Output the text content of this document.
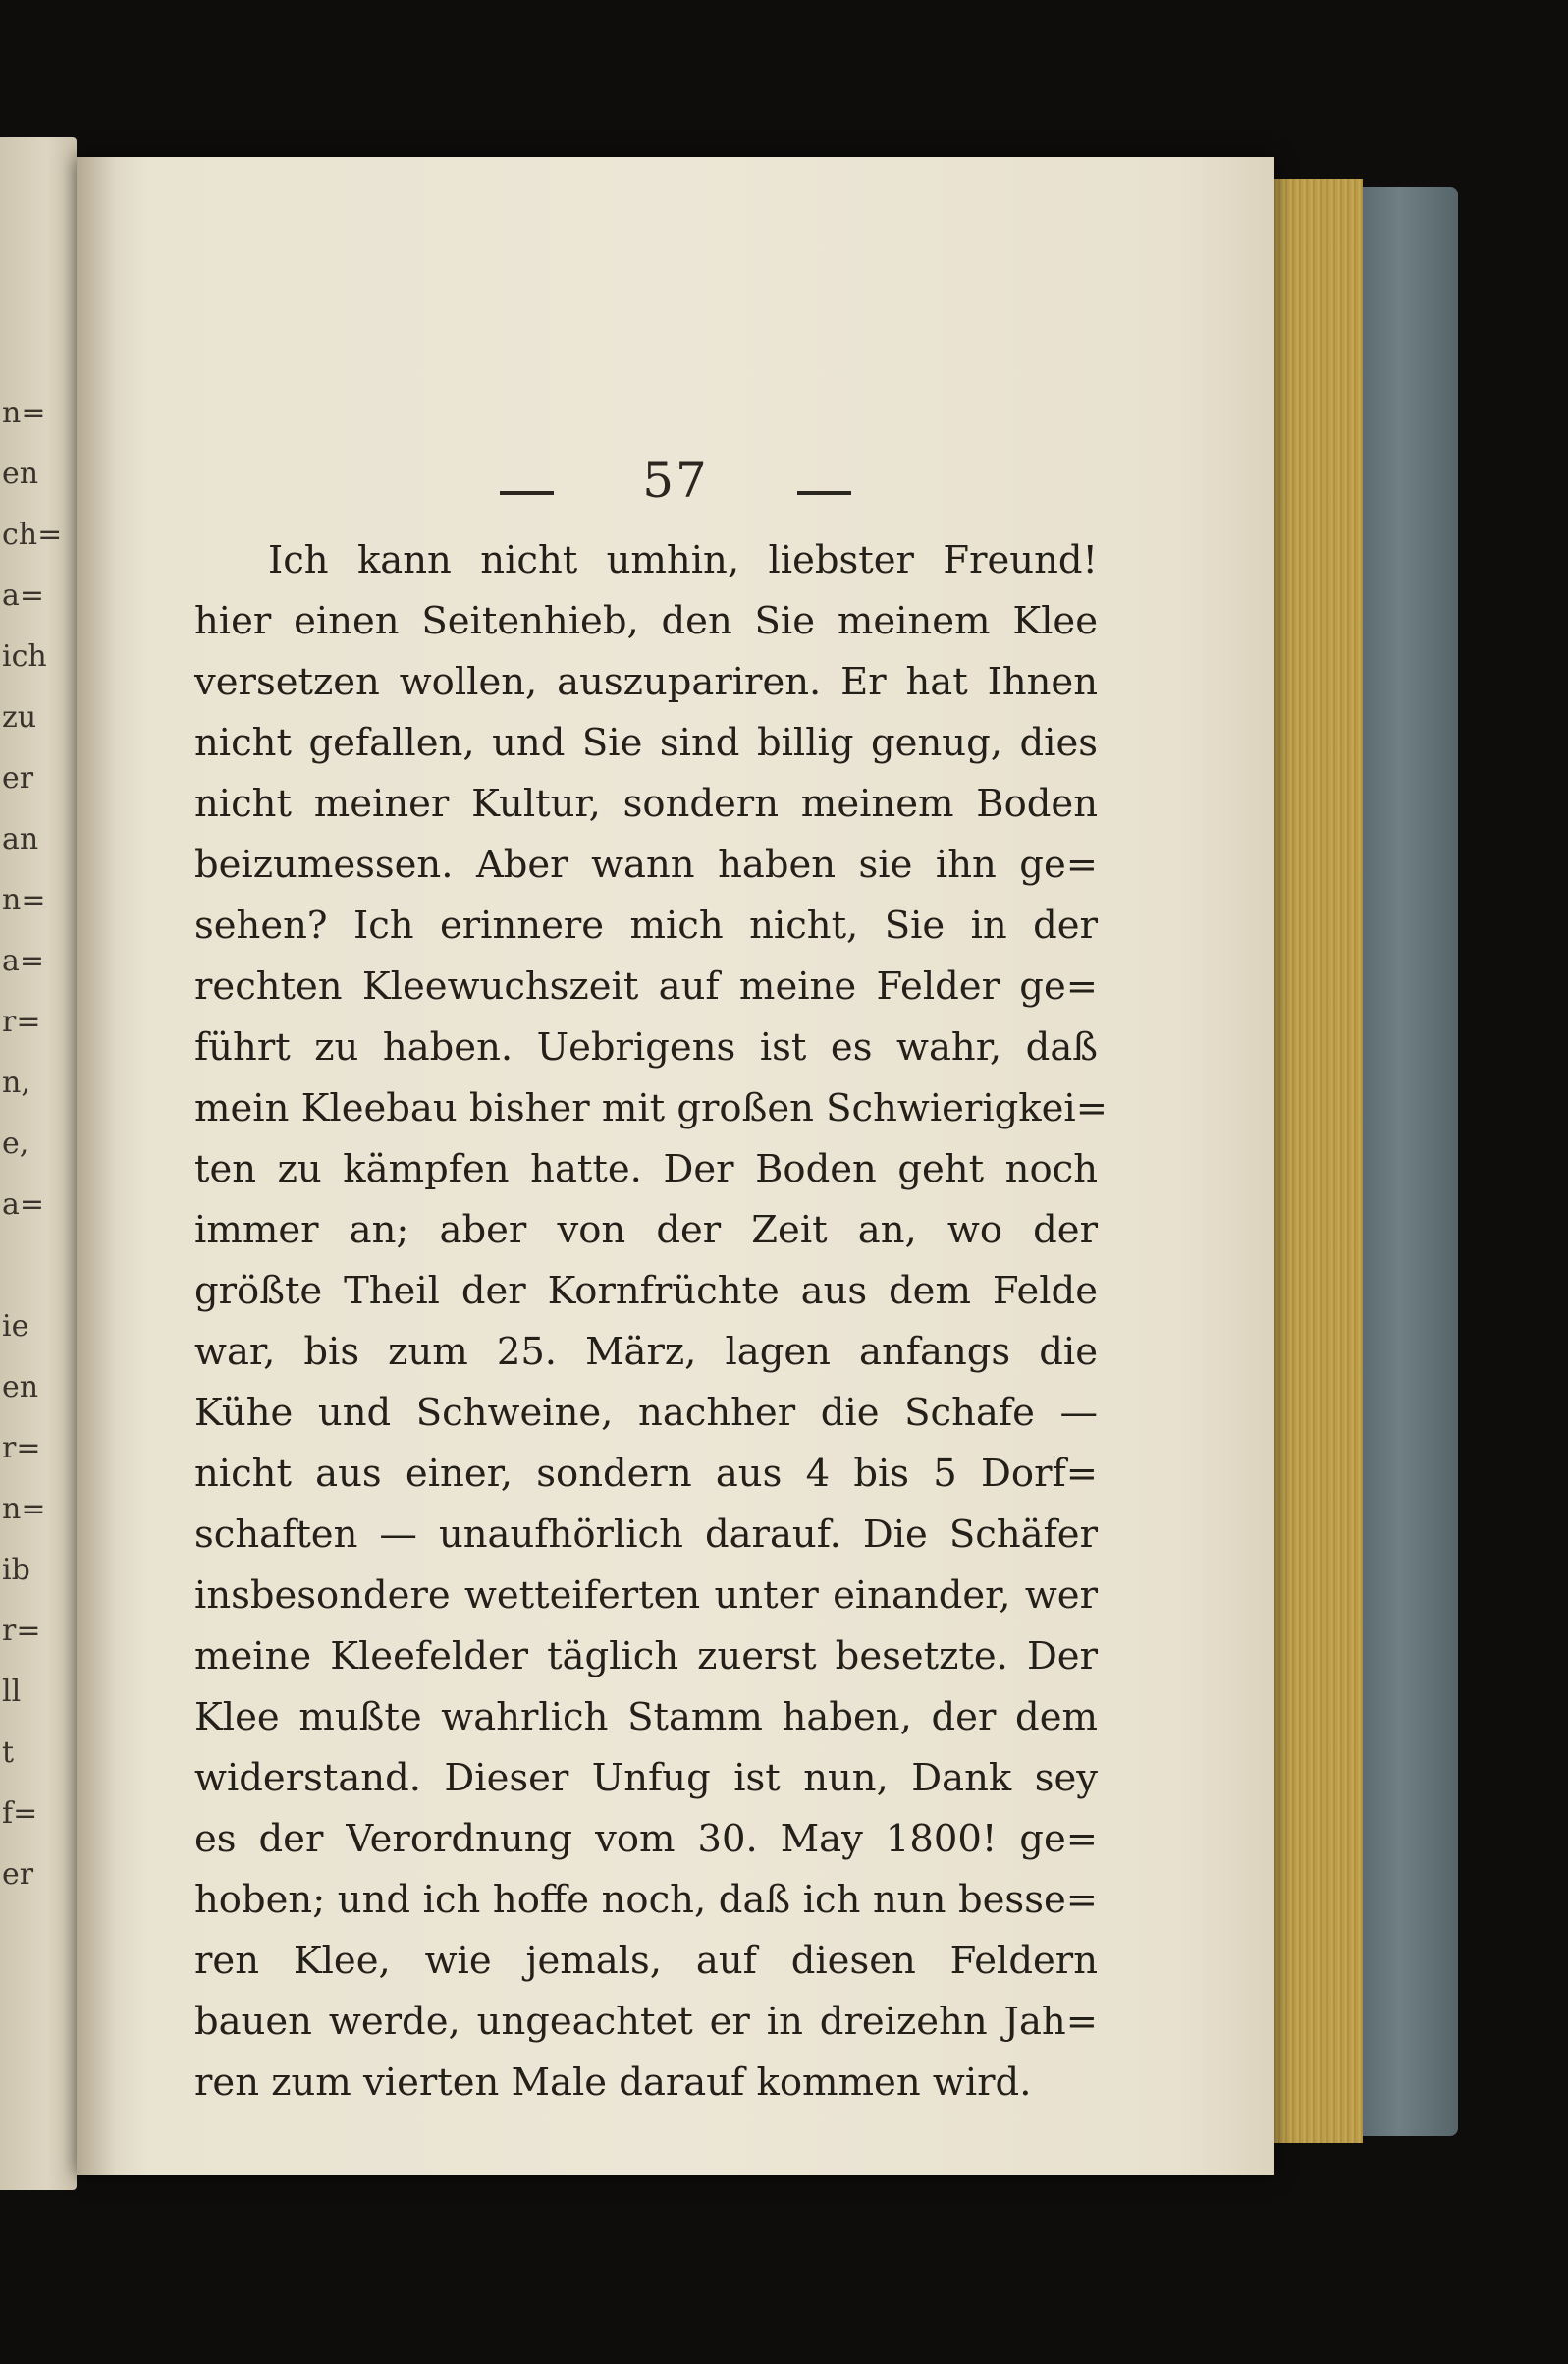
n=
en
ch=
a=
ich
zu
er
an
n=
a=
r=
n,
e,
a=
ie
en
r=
n=
ib
r=
ll
t
f=
er
57
Ich kann nicht umhin, liebster Freund!
hier einen Seitenhieb, den Sie meinem Klee
versetzen wollen, auszupariren. Er hat Ihnen
nicht gefallen, und Sie sind billig genug, dies
nicht meiner Kultur, sondern meinem Boden
beizumessen. Aber wann haben sie ihn ge=
sehen? Ich erinnere mich nicht, Sie in der
rechten Kleewuchszeit auf meine Felder ge=
führt zu haben. Uebrigens ist es wahr, daß
mein Kleebau bisher mit großen Schwierigkei=
ten zu kämpfen hatte. Der Boden geht noch
immer an; aber von der Zeit an, wo der
größte Theil der Kornfrüchte aus dem Felde
war, bis zum 25. März, lagen anfangs die
Kühe und Schweine, nachher die Schafe —
nicht aus einer, sondern aus 4 bis 5 Dorf=
schaften — unaufhörlich darauf. Die Schäfer
insbesondere wetteiferten unter einander, wer
meine Kleefelder täglich zuerst besetzte. Der
Klee mußte wahrlich Stamm haben, der dem
widerstand. Dieser Unfug ist nun, Dank sey
es der Verordnung vom 30. May 1800! ge=
hoben; und ich hoffe noch, daß ich nun besse=
ren Klee, wie jemals, auf diesen Feldern
bauen werde, ungeachtet er in dreizehn Jah=
ren zum vierten Male darauf kommen wird.
